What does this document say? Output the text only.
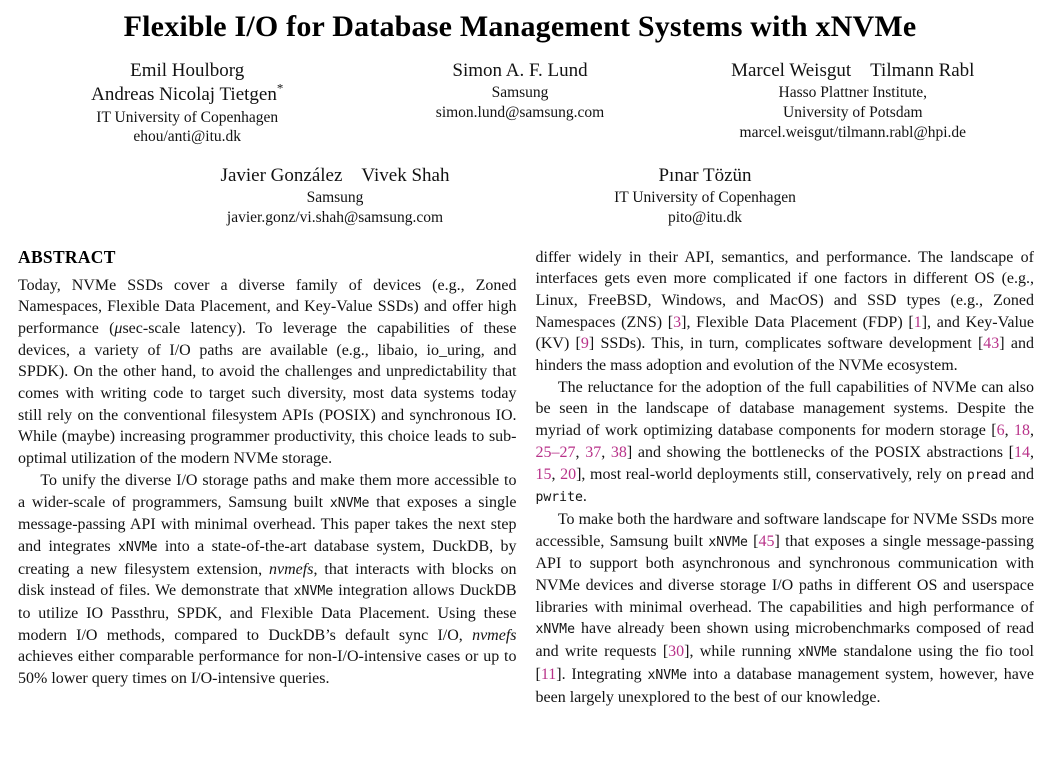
Flexible I/O for Database Management Systems with xNVMe
Emil Houlborg
Andreas Nicolaj Tietgen*
IT University of Copenhagen
ehou/anti@itu.dk
Simon A. F. Lund
Samsung
simon.lund@samsung.com
Marcel Weisgut Tilmann Rabl
Hasso Plattner Institute,
University of Potsdam
marcel.weisgut/tilmann.rabl@hpi.de
Javier González Vivek Shah
Samsung
javier.gonz/vi.shah@samsung.com
Pınar Tözün
IT University of Copenhagen
pito@itu.dk
ABSTRACT

Today, NVMe SSDs cover a diverse family of devices (e.g., Zoned Namespaces, Flexible Data Placement, and Key-Value SSDs) and offer high performance (μsec-scale latency). To leverage the capabilities of these devices, a variety of I/O paths are available (e.g., libaio, io_uring, and SPDK). On the other hand, to avoid the challenges and unpredictability that comes with writing code to target such diversity, most data systems today still rely on the conventional filesystem APIs (POSIX) and synchronous IO. While (maybe) increasing programmer productivity, this choice leads to sub-optimal utilization of the modern NVMe storage.

To unify the diverse I/O storage paths and make them more accessible to a wider-scale of programmers, Samsung built xNVMe that exposes a single message-passing API with minimal overhead. This paper takes the next step and integrates xNVMe into a state-of-the-art database system, DuckDB, by creating a new filesystem extension, nvmefs, that interacts with blocks on disk instead of files. We demonstrate that xNVMe integration allows DuckDB to utilize IO Passthru, SPDK, and Flexible Data Placement. Using these modern I/O methods, compared to DuckDB’s default sync I/O, nvmefs achieves either comparable performance for non-I/O-intensive cases or up to 50% lower query times on I/O-intensive queries.

differ widely in their API, semantics, and performance. The landscape of interfaces gets even more complicated if one factors in different OS (e.g., Linux, FreeBSD, Windows, and MacOS) and SSD types (e.g., Zoned Namespaces (ZNS) [3], Flexible Data Placement (FDP) [1], and Key-Value (KV) [9] SSDs). This, in turn, complicates software development [43] and hinders the mass adoption and evolution of the NVMe ecosystem.

The reluctance for the adoption of the full capabilities of NVMe can also be seen in the landscape of database management systems. Despite the myriad of work optimizing database components for modern storage [6, 18, 25–27, 37, 38] and showing the bottlenecks of the POSIX abstractions [14, 15, 20], most real-world deployments still, conservatively, rely on pread and pwrite.

To make both the hardware and software landscape for NVMe SSDs more accessible, Samsung built xNVMe [45] that exposes a single message-passing API to support both asynchronous and synchronous communication with NVMe devices and diverse storage I/O paths in different OS and userspace libraries with minimal overhead. The capabilities and high performance of xNVMe have already been shown using microbenchmarks composed of read and write requests [30], while running xNVMe standalone using the fio tool [11]. Integrating xNVMe into a database management system, however, have been largely unexplored to the best of our knowledge.
